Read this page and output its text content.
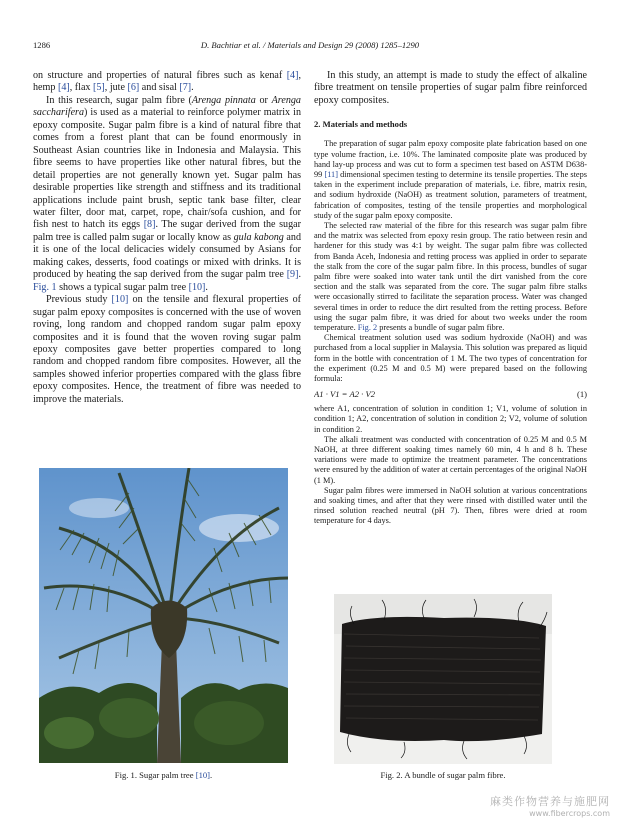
1286	D. Bachtiar et al. / Materials and Design 29 (2008) 1285–1290

on structure and properties of natural fibres such as kenaf [4], hemp [4], flax [5], jute [6] and sisal [7].

In this research, sugar palm fibre (Arenga pinnata or Arenga saccharifera) is used as a material to reinforce polymer matrix in epoxy composite. Sugar palm fibre is a kind of natural fibre that comes from a forest plant that can be found enormously in Southeast Asian countries like in Indonesia and Malaysia. This fibre seems to have properties like other natural fibres, but the detail properties are not generally known yet. Sugar palm has desirable properties like strength and stiffness and its traditional applications include paint brush, septic tank base filter, clear water filter, door mat, carpet, rope, chair/sofa cushion, and for fish nest to hatch its eggs [8]. The sugar derived from the sugar palm tree is called palm sugar or locally know as gula kabong and it is one of the local delicacies widely consumed by Asians for making cakes, desserts, food coatings or mixed with drinks. It is produced by heating the sap derived from the sugar palm tree [9]. Fig. 1 shows a typical sugar palm tree [10].

Previous study [10] on the tensile and flexural properties of sugar palm epoxy composites is concerned with the use of woven roving, long random and chopped random sugar palm epoxy composites and it is found that the woven roving sugar palm epoxy composites gave better properties compared to long random and chopped random fibre composites. However, all the samples showed inferior properties compared with the glass fibre epoxy composites. Hence, the treatment of fibre was needed to improve the materials.

In this study, an attempt is made to study the effect of alkaline fibre treatment on tensile properties of sugar palm fibre reinforced epoxy composites.

2. Materials and methods

The preparation of sugar palm epoxy composite plate fabrication based on one type volume fraction, i.e. 10%. The laminated composite plate was produced by hand lay-up process and was cut to form a specimen test based on ASTM D638-99 [11] dimensional specimen testing to determine its tensile properties. The steps taken in the experiment include preparation of materials, i.e. fibre, matrix resin, and sodium hydroxide (NaOH) as treatment solution, parameters of treatment, fabrication of composites, testing of the tensile properties and morphological study of the sugar palm epoxy composite.

The selected raw material of the fibre for this research was sugar palm fibre and the matrix was selected from epoxy resin group. The ratio between resin and hardener for this study was 4:1 by weight. The sugar palm fibre was collected from Banda Aceh, Indonesia and retting process was applied in order to separate the stalk from the core of the sugar palm fibre. In this process, bundles of sugar palm fibre were soaked into water tank until the dirt vanished from the core section and the stalk was separated from the core. The sugar palm fibre stalks were occasionally stirred to facilitate the separation process. Water was changed several times in order to reduce the dirt resulted from the retting process. Before using the sugar palm fibre, it was dried for about two weeks under the room temperature. Fig. 2 presents a bundle of sugar palm fibre.

Chemical treatment solution used was sodium hydroxide (NaOH) and was purchased from a local supplier in Malaysia. This solution was prepared as liquid form in the bottle with concentration of 1 M. The two types of concentration for the experiment (0.25 M and 0.5 M) were prepared based on the following formula:

A1 · V1 = A2 · V2	(1)

where A1, concentration of solution in condition 1; V1, volume of solution in condition 1; A2, concentration of solution in condition 2; V2, volume of solution in condition 2.

The alkali treatment was conducted with concentration of 0.25 M and 0.5 M NaOH, at three different soaking times namely 60 min, 4 h and 8 h. These variations were made to optimize the treatment parameter. The concentrations were ensured by the addition of water at certain percentages of the original NaOH (1 M).

Sugar palm fibres were immersed in NaOH solution at various concentrations and soaking times, and after that they were rinsed with distilled water until the rinsed solution reached neutral (pH 7). Then, fibres were dried at room temperature for 4 days.

Fig. 1. Sugar palm tree [10].	Fig. 2. A bundle of sugar palm fibre.
麻类作物营养与施肥网
www.fibercrops.com
